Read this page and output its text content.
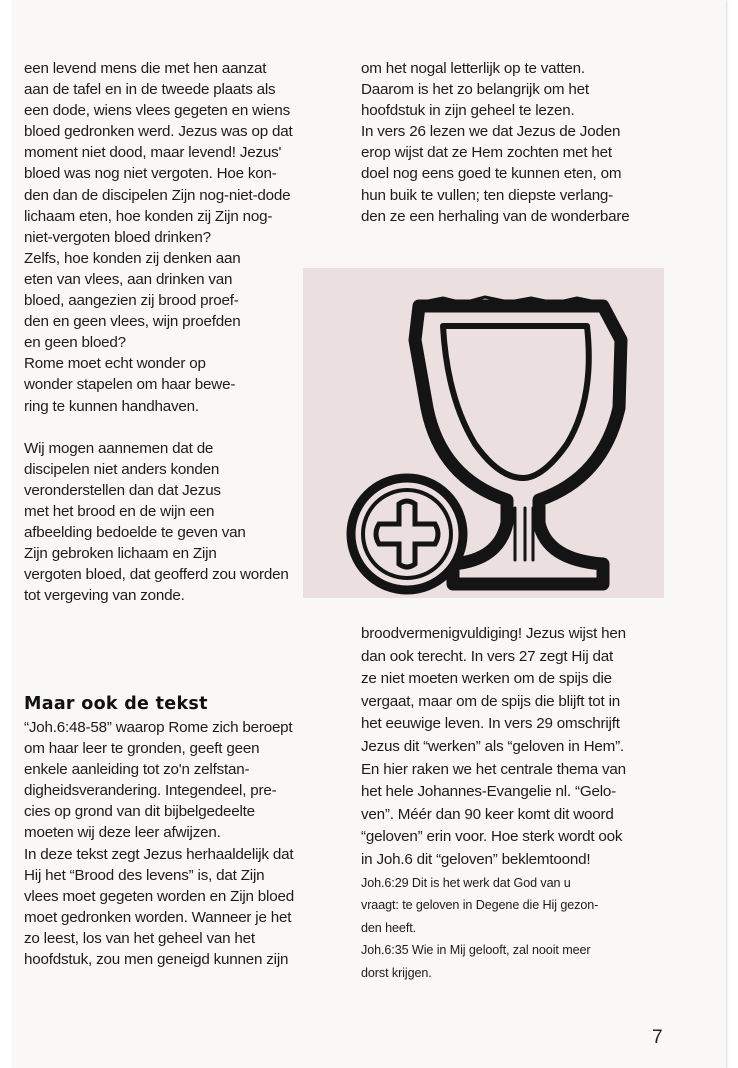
een levend mens die met hen aanzat
aan de tafel en in de tweede plaats als
een dode, wiens vlees gegeten en wiens
bloed gedronken werd. Jezus was op dat
moment niet dood, maar levend! Jezus'
bloed was nog niet vergoten. Hoe kon-
den dan de discipelen Zijn nog-niet-dode
lichaam eten, hoe konden zij Zijn nog-
niet-vergoten bloed drinken?
Zelfs, hoe konden zij denken aan
eten van vlees, aan drinken van
bloed, aangezien zij brood proef-
den en geen vlees, wijn proefden
en geen bloed?
Rome moet echt wonder op
wonder stapelen om haar bewe-
ring te kunnen handhaven.
Wij mogen aannemen dat de
discipelen niet anders konden
veronderstellen dan dat Jezus
met het brood en de wijn een
afbeelding bedoelde te geven van
Zijn gebroken lichaam en Zijn
vergoten bloed, dat geofferd zou worden
tot vergeving van zonde.
Maar ook de tekst
“Joh.6:48-58” waarop Rome zich beroept
om haar leer te gronden, geeft geen
enkele aanleiding tot zo'n zelfstan-
digheidsverandering. Integendeel, pre-
cies op grond van dit bijbelgedeelte
moeten wij deze leer afwijzen.
In deze tekst zegt Jezus herhaaldelijk dat
Hij het “Brood des levens” is, dat Zijn
vlees moet gegeten worden en Zijn bloed
moet gedronken worden. Wanneer je het
zo leest, los van het geheel van het
hoofdstuk, zou men geneigd kunnen zijn
om het nogal letterlijk op te vatten.
Daarom is het zo belangrijk om het
hoofdstuk in zijn geheel te lezen.
In vers 26 lezen we dat Jezus de Joden
erop wijst dat ze Hem zochten met het
doel nog eens goed te kunnen eten, om
hun buik te vullen; ten diepste verlang-
den ze een herhaling van de wonderbare
broodvermenigvuldiging! Jezus wijst hen
dan ook terecht. In vers 27 zegt Hij dat
ze niet moeten werken om de spijs die
vergaat, maar om de spijs die blijft tot in
het eeuwige leven. In vers 29 omschrijft
Jezus dit “werken” als “geloven in Hem”.
En hier raken we het centrale thema van
het hele Johannes-Evangelie nl. “Gelo-
ven”. Méér dan 90 keer komt dit woord
“geloven” erin voor. Hoe sterk wordt ook
in Joh.6 dit “geloven” beklemtoond!
Joh.6:29 Dit is het werk dat God van u
vraagt: te geloven in Degene die Hij gezon-
den heeft.
Joh.6:35 Wie in Mij gelooft, zal nooit meer
dorst krijgen.
7
